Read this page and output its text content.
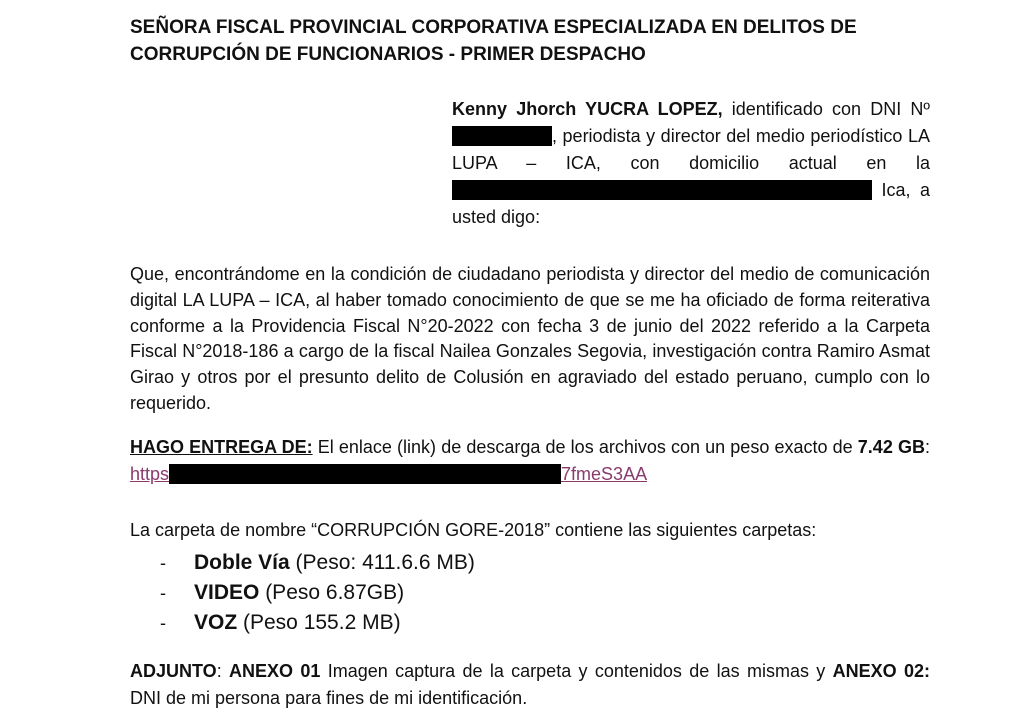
SEÑORA FISCAL PROVINCIAL CORPORATIVA ESPECIALIZADA EN DELITOS DE
CORRUPCIÓN DE FUNCIONARIOS - PRIMER DESPACHO

Kenny Jhorch YUCRA LOPEZ, identificado con DNI Nº, periodista y director del medio periodístico LA LUPA – ICA, con domicilio actual en la  Ica, a usted digo:

Que, encontrándome en la condición de ciudadano periodista y director del medio de comunicación digital LA LUPA – ICA, al haber tomado conocimiento de que se me ha oficiado de forma reiterativa conforme a la Providencia Fiscal N°20-2022 con fecha 3 de junio del 2022 referido a la Carpeta Fiscal N°2018-186 a cargo de la fiscal Nailea Gonzales Segovia, investigación contra Ramiro Asmat Girao y otros por el presunto delito de Colusión en agraviado del estado peruano, cumplo con lo requerido.

HAGO ENTREGA DE: El enlace (link) de descarga de los archivos con un peso exacto de 7.42 GB: https	7fmeS3AA

La carpeta de nombre “CORRUPCIÓN GORE-2018” contiene las siguientes carpetas:

- Doble Vía (Peso: 411.6.6 MB)
- VIDEO (Peso 6.87GB)
- VOZ (Peso 155.2 MB)

ADJUNTO: ANEXO 01 Imagen captura de la carpeta y contenidos de las mismas y ANEXO 02: DNI de mi persona para fines de mi identificación.
